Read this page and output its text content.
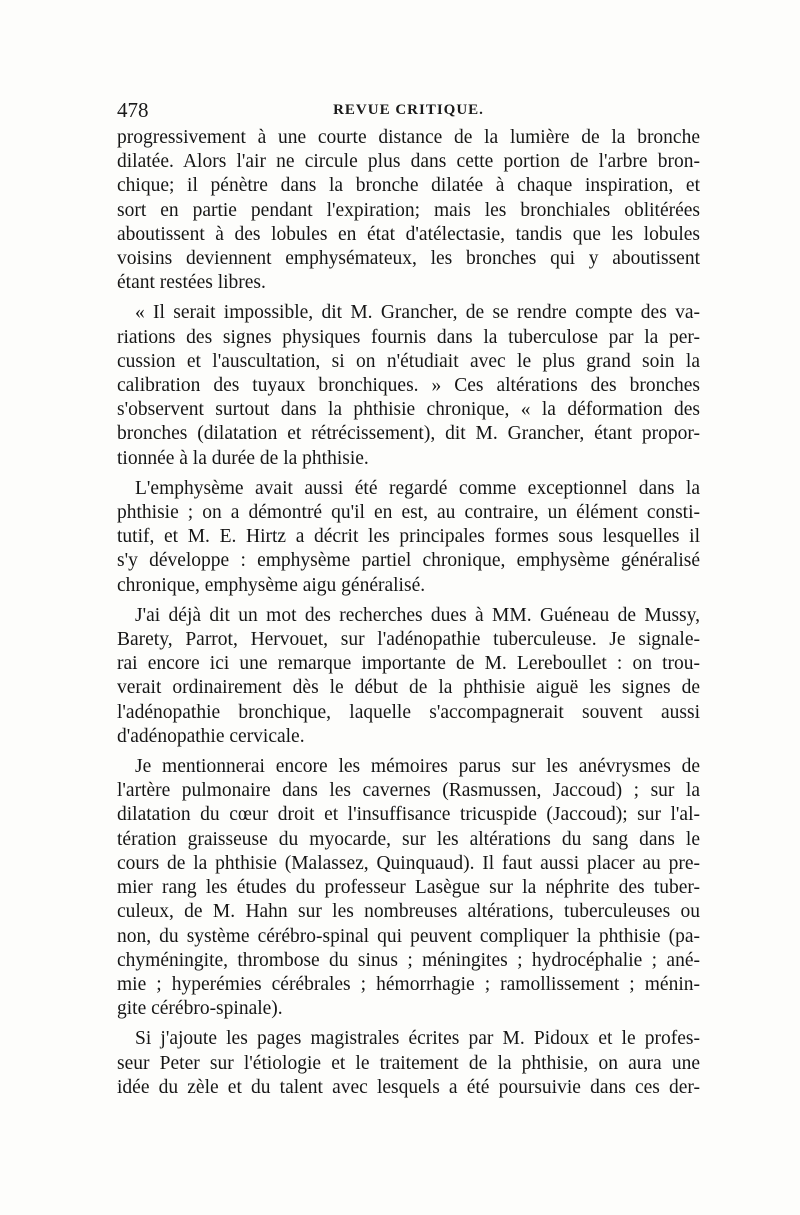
478	REVUE CRITIQUE.

progressivement à une courte distance de la lumière de la bronche
dilatée. Alors l'air ne circule plus dans cette portion de l'arbre bron-
chique; il pénètre dans la bronche dilatée à chaque inspiration, et
sort en partie pendant l'expiration; mais les bronchiales oblitérées
aboutissent à des lobules en état d'atélectasie, tandis que les lobules
voisins deviennent emphysémateux, les bronches qui y aboutissent
étant restées libres.

« Il serait impossible, dit M. Grancher, de se rendre compte des va-
riations des signes physiques fournis dans la tuberculose par la per-
cussion et l'auscultation, si on n'étudiait avec le plus grand soin la
calibration des tuyaux bronchiques. » Ces altérations des bronches
s'observent surtout dans la phthisie chronique, « la déformation des
bronches (dilatation et rétrécissement), dit M. Grancher, étant propor-
tionnée à la durée de la phthisie.

L'emphysème avait aussi été regardé comme exceptionnel dans la
phthisie ; on a démontré qu'il en est, au contraire, un élément consti-
tutif, et M. E. Hirtz a décrit les principales formes sous lesquelles il
s'y développe : emphysème partiel chronique, emphysème généralisé
chronique, emphysème aigu généralisé.

J'ai déjà dit un mot des recherches dues à MM. Guéneau de Mussy,
Barety, Parrot, Hervouet, sur l'adénopathie tuberculeuse. Je signale-
rai encore ici une remarque importante de M. Lereboullet : on trou-
verait ordinairement dès le début de la phthisie aiguë les signes de
l'adénopathie bronchique, laquelle s'accompagnerait souvent aussi
d'adénopathie cervicale.

Je mentionnerai encore les mémoires parus sur les anévrysmes de
l'artère pulmonaire dans les cavernes (Rasmussen, Jaccoud) ; sur la
dilatation du cœur droit et l'insuffisance tricuspide (Jaccoud); sur l'al-
tération graisseuse du myocarde, sur les altérations du sang dans le
cours de la phthisie (Malassez, Quinquaud). Il faut aussi placer au pre-
mier rang les études du professeur Lasègue sur la néphrite des tuber-
culeux, de M. Hahn sur les nombreuses altérations, tuberculeuses ou
non, du système cérébro-spinal qui peuvent compliquer la phthisie (pa-
chyméningite, thrombose du sinus ; méningites ; hydrocéphalie ; ané-
mie ; hyperémies cérébrales ; hémorrhagie ; ramollissement ; ménin-
gite cérébro-spinale).

Si j'ajoute les pages magistrales écrites par M. Pidoux et le profes-
seur Peter sur l'étiologie et le traitement de la phthisie, on aura une
idée du zèle et du talent avec lesquels a été poursuivie dans ces der-
